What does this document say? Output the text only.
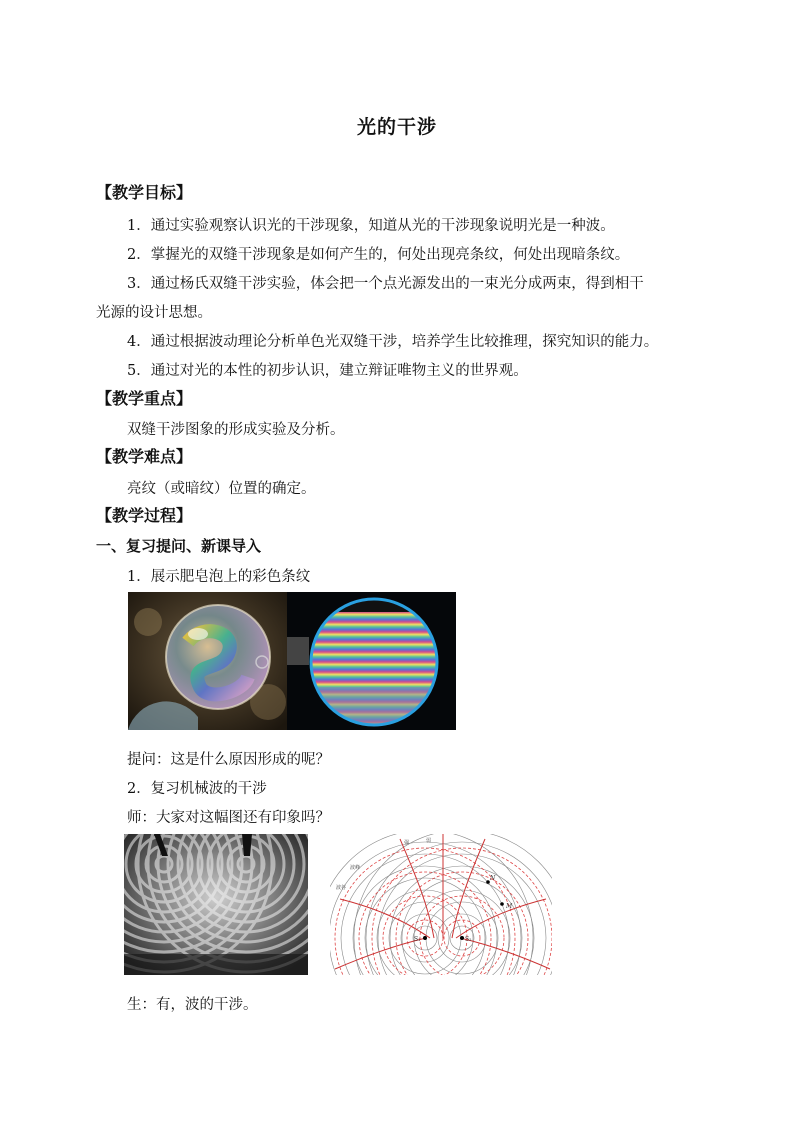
光的干涉
【教学目标】
1．通过实验观察认识光的干涉现象，知道从光的干涉现象说明光是一种波。
2．掌握光的双缝干涉现象是如何产生的，何处出现亮条纹，何处出现暗条纹。
3．通过杨氏双缝干涉实验，体会把一个点光源发出的一束光分成两束，得到相干
光源的设计思想。
4．通过根据波动理论分析单色光双缝干涉，培养学生比较推理，探究知识的能力。
5．通过对光的本性的初步认识，建立辩证唯物主义的世界观。
【教学重点】
双缝干涉图象的形成实验及分析。
【教学难点】
亮纹（或暗纹）位置的确定。
【教学过程】
一、复习提问、新课导入
1．展示肥皂泡上的彩色条纹
提问：这是什么原因形成的呢？
2．复习机械波的干涉
师：大家对这幅图还有印象吗？
S₁	S₂
M
N
强	弱
波谷
波峰
生：有，波的干涉。
